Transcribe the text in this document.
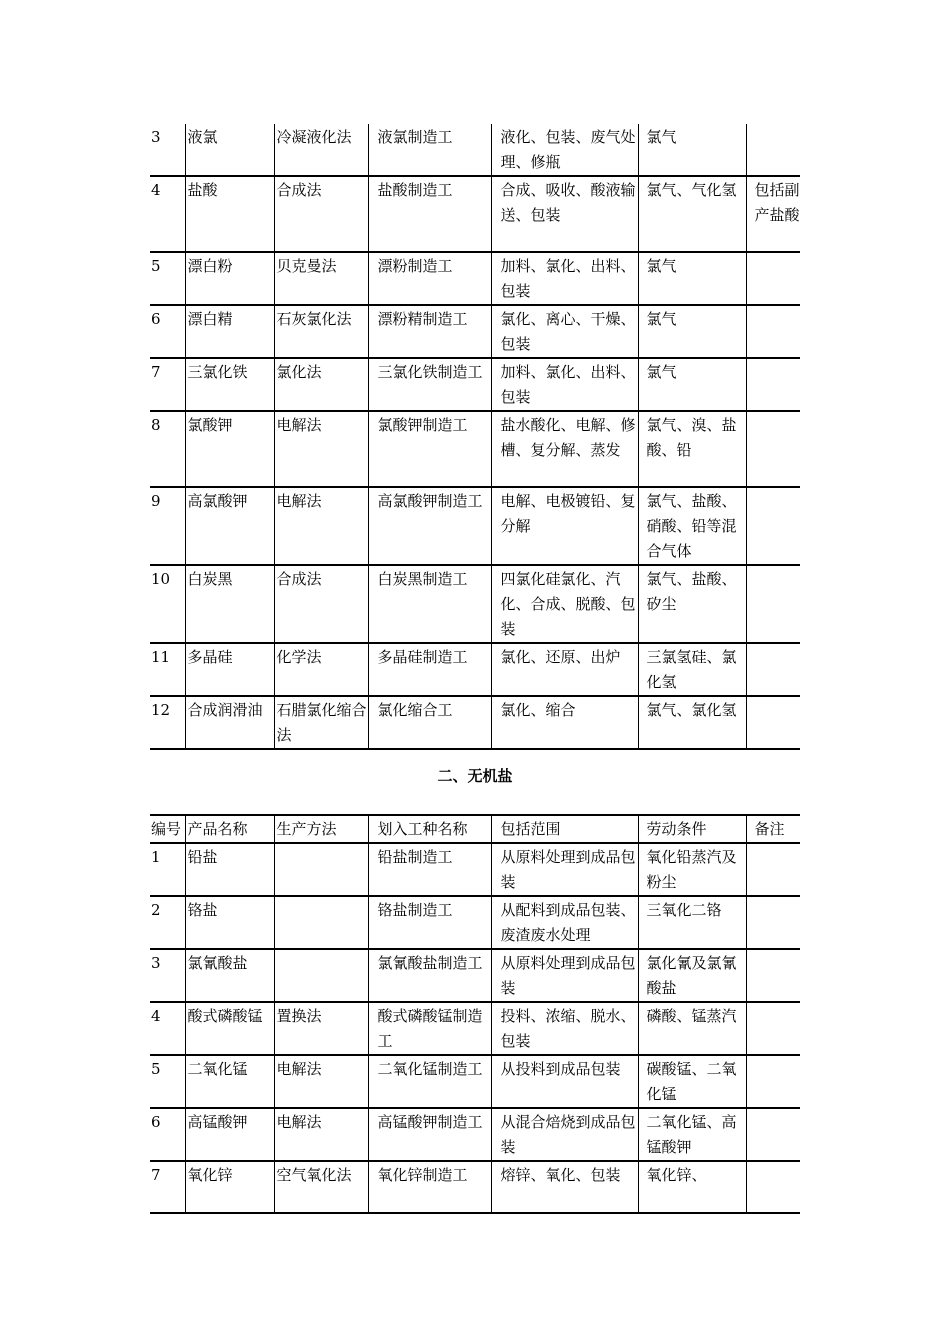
3	液氯	冷凝液化法	液氯制造工	液化、包装、废气处理、修瓶	氯气	
4	盐酸	合成法	盐酸制造工	合成、吸收、酸液输送、包装	氯气、气化氢	包括副产盐酸
5	漂白粉	贝克曼法	漂粉制造工	加料、氯化、出料、包装	氯气	
6	漂白精	石灰氯化法	漂粉精制造工	氯化、离心、干燥、包装	氯气	
7	三氯化铁	氯化法	三氯化铁制造工	加料、氯化、出料、包装	氯气	
8	氯酸钾	电解法	氯酸钾制造工	盐水酸化、电解、修槽、复分解、蒸发	氯气、溴、盐酸、铅	
9	高氯酸钾	电解法	高氯酸钾制造工	电解、电极镀铅、复分解	氯气、盐酸、硝酸、铅等混合气体	
10	白炭黑	合成法	白炭黑制造工	四氯化硅氯化、汽化、合成、脱酸、包装	氯气、盐酸、矽尘	
11	多晶硅	化学法	多晶硅制造工	氯化、还原、出炉	三氯氢硅、氯化氢	
12	合成润滑油	石腊氯化缩合法	氯化缩合工	氯化、缩合	氯气、氯化氢	
二、无机盐
编号	产品名称	生产方法	划入工种名称	包括范围	劳动条件	备注
1	铅盐		铅盐制造工	从原料处理到成品包装	氧化铅蒸汽及粉尘	
2	铬盐		铬盐制造工	从配料到成品包装、废渣废水处理	三氧化二铬	
3	氯氰酸盐		氯氰酸盐制造工	从原料处理到成品包装	氯化氰及氯氰酸盐	
4	酸式磷酸锰	置换法	酸式磷酸锰制造工	投料、浓缩、脱水、包装	磷酸、锰蒸汽	
5	二氧化锰	电解法	二氧化锰制造工	从投料到成品包装	碳酸锰、二氧化锰	
6	高锰酸钾	电解法	高锰酸钾制造工	从混合焙烧到成品包装	二氧化锰、高锰酸钾	
7	氧化锌	空气氧化法	氧化锌制造工	熔锌、氧化、包装	氧化锌、	
